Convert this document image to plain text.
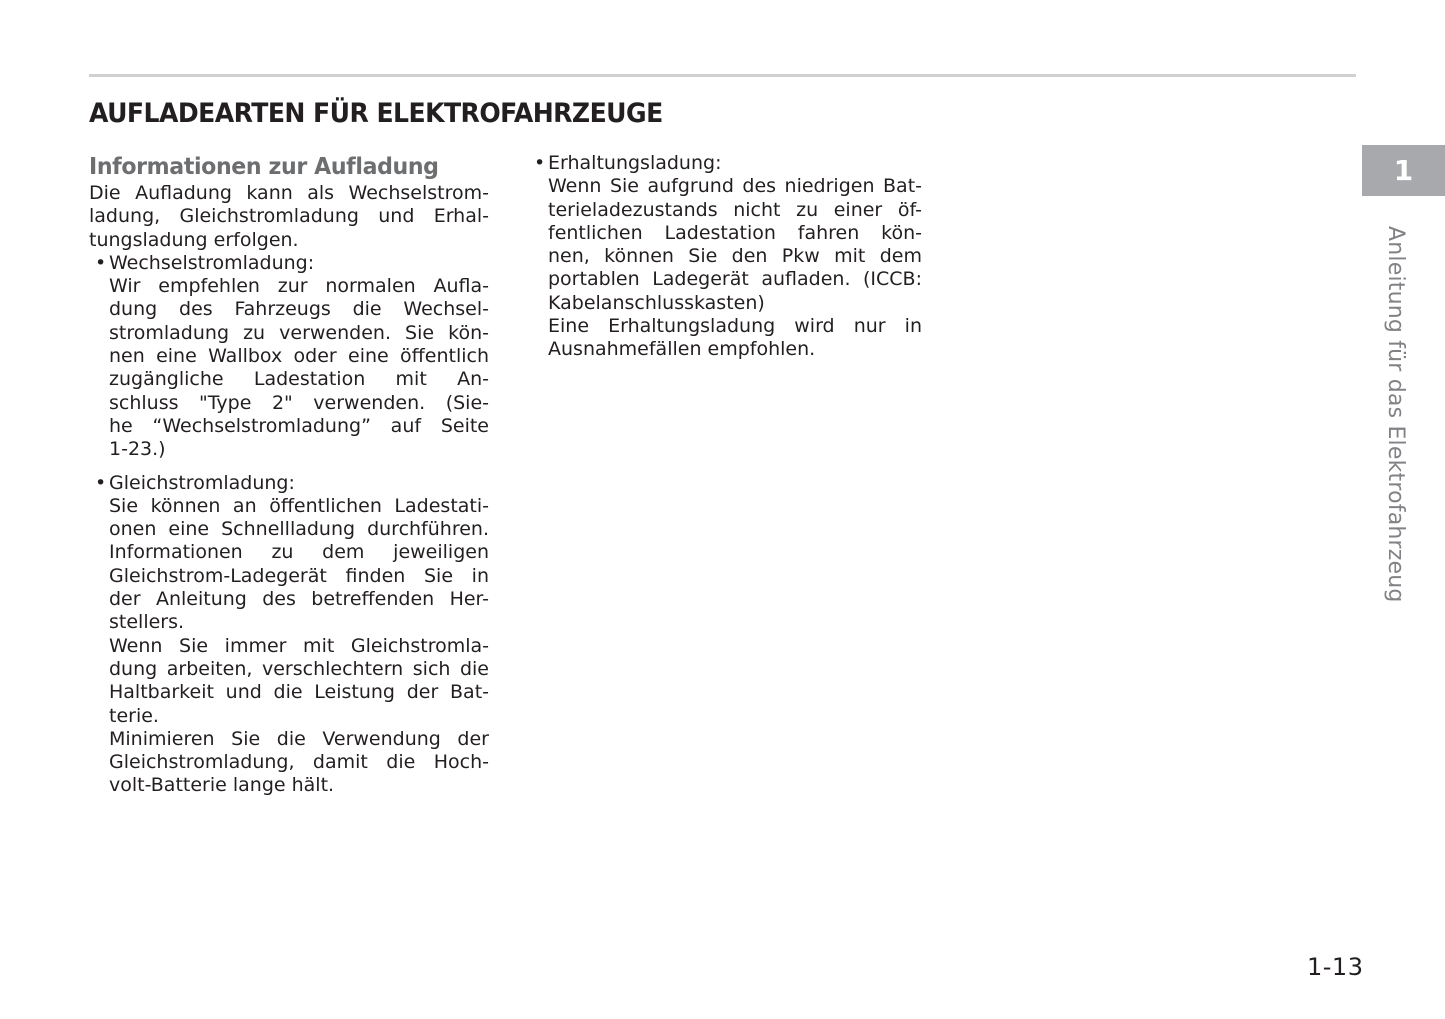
AUFLADEARTEN FÜR ELEKTROFAHRZEUGE
Informationen zur Aufladung
Die Aufladung kann als Wechselstrom-
ladung, Gleichstromladung und Erhal-
tungsladung erfolgen.
• Wechselstromladung:
Wir empfehlen zur normalen Aufla-
dung des Fahrzeugs die Wechsel-
stromladung zu verwenden. Sie kön-
nen eine Wallbox oder eine öffentlich
zugängliche Ladestation mit An-
schluss "Type 2" verwenden. (Sie-
he “Wechselstromladung” auf Seite
1-23.)
• Gleichstromladung:
Sie können an öffentlichen Ladestati-
onen eine Schnellladung durchführen.
Informationen zu dem jeweiligen
Gleichstrom-Ladegerät finden Sie in
der Anleitung des betreffenden Her-
stellers.
Wenn Sie immer mit Gleichstromla-
dung arbeiten, verschlechtern sich die
Haltbarkeit und die Leistung der Bat-
terie.
Minimieren Sie die Verwendung der
Gleichstromladung, damit die Hoch-
volt-Batterie lange hält.
• Erhaltungsladung:
Wenn Sie aufgrund des niedrigen Bat-
terieladezustands nicht zu einer öf-
fentlichen Ladestation fahren kön-
nen, können Sie den Pkw mit dem
portablen Ladegerät aufladen. (ICCB:
Kabelanschlusskasten)
Eine Erhaltungsladung wird nur in
Ausnahmefällen empfohlen.
1
Anleitung für das Elektrofahrzeug
1-13
